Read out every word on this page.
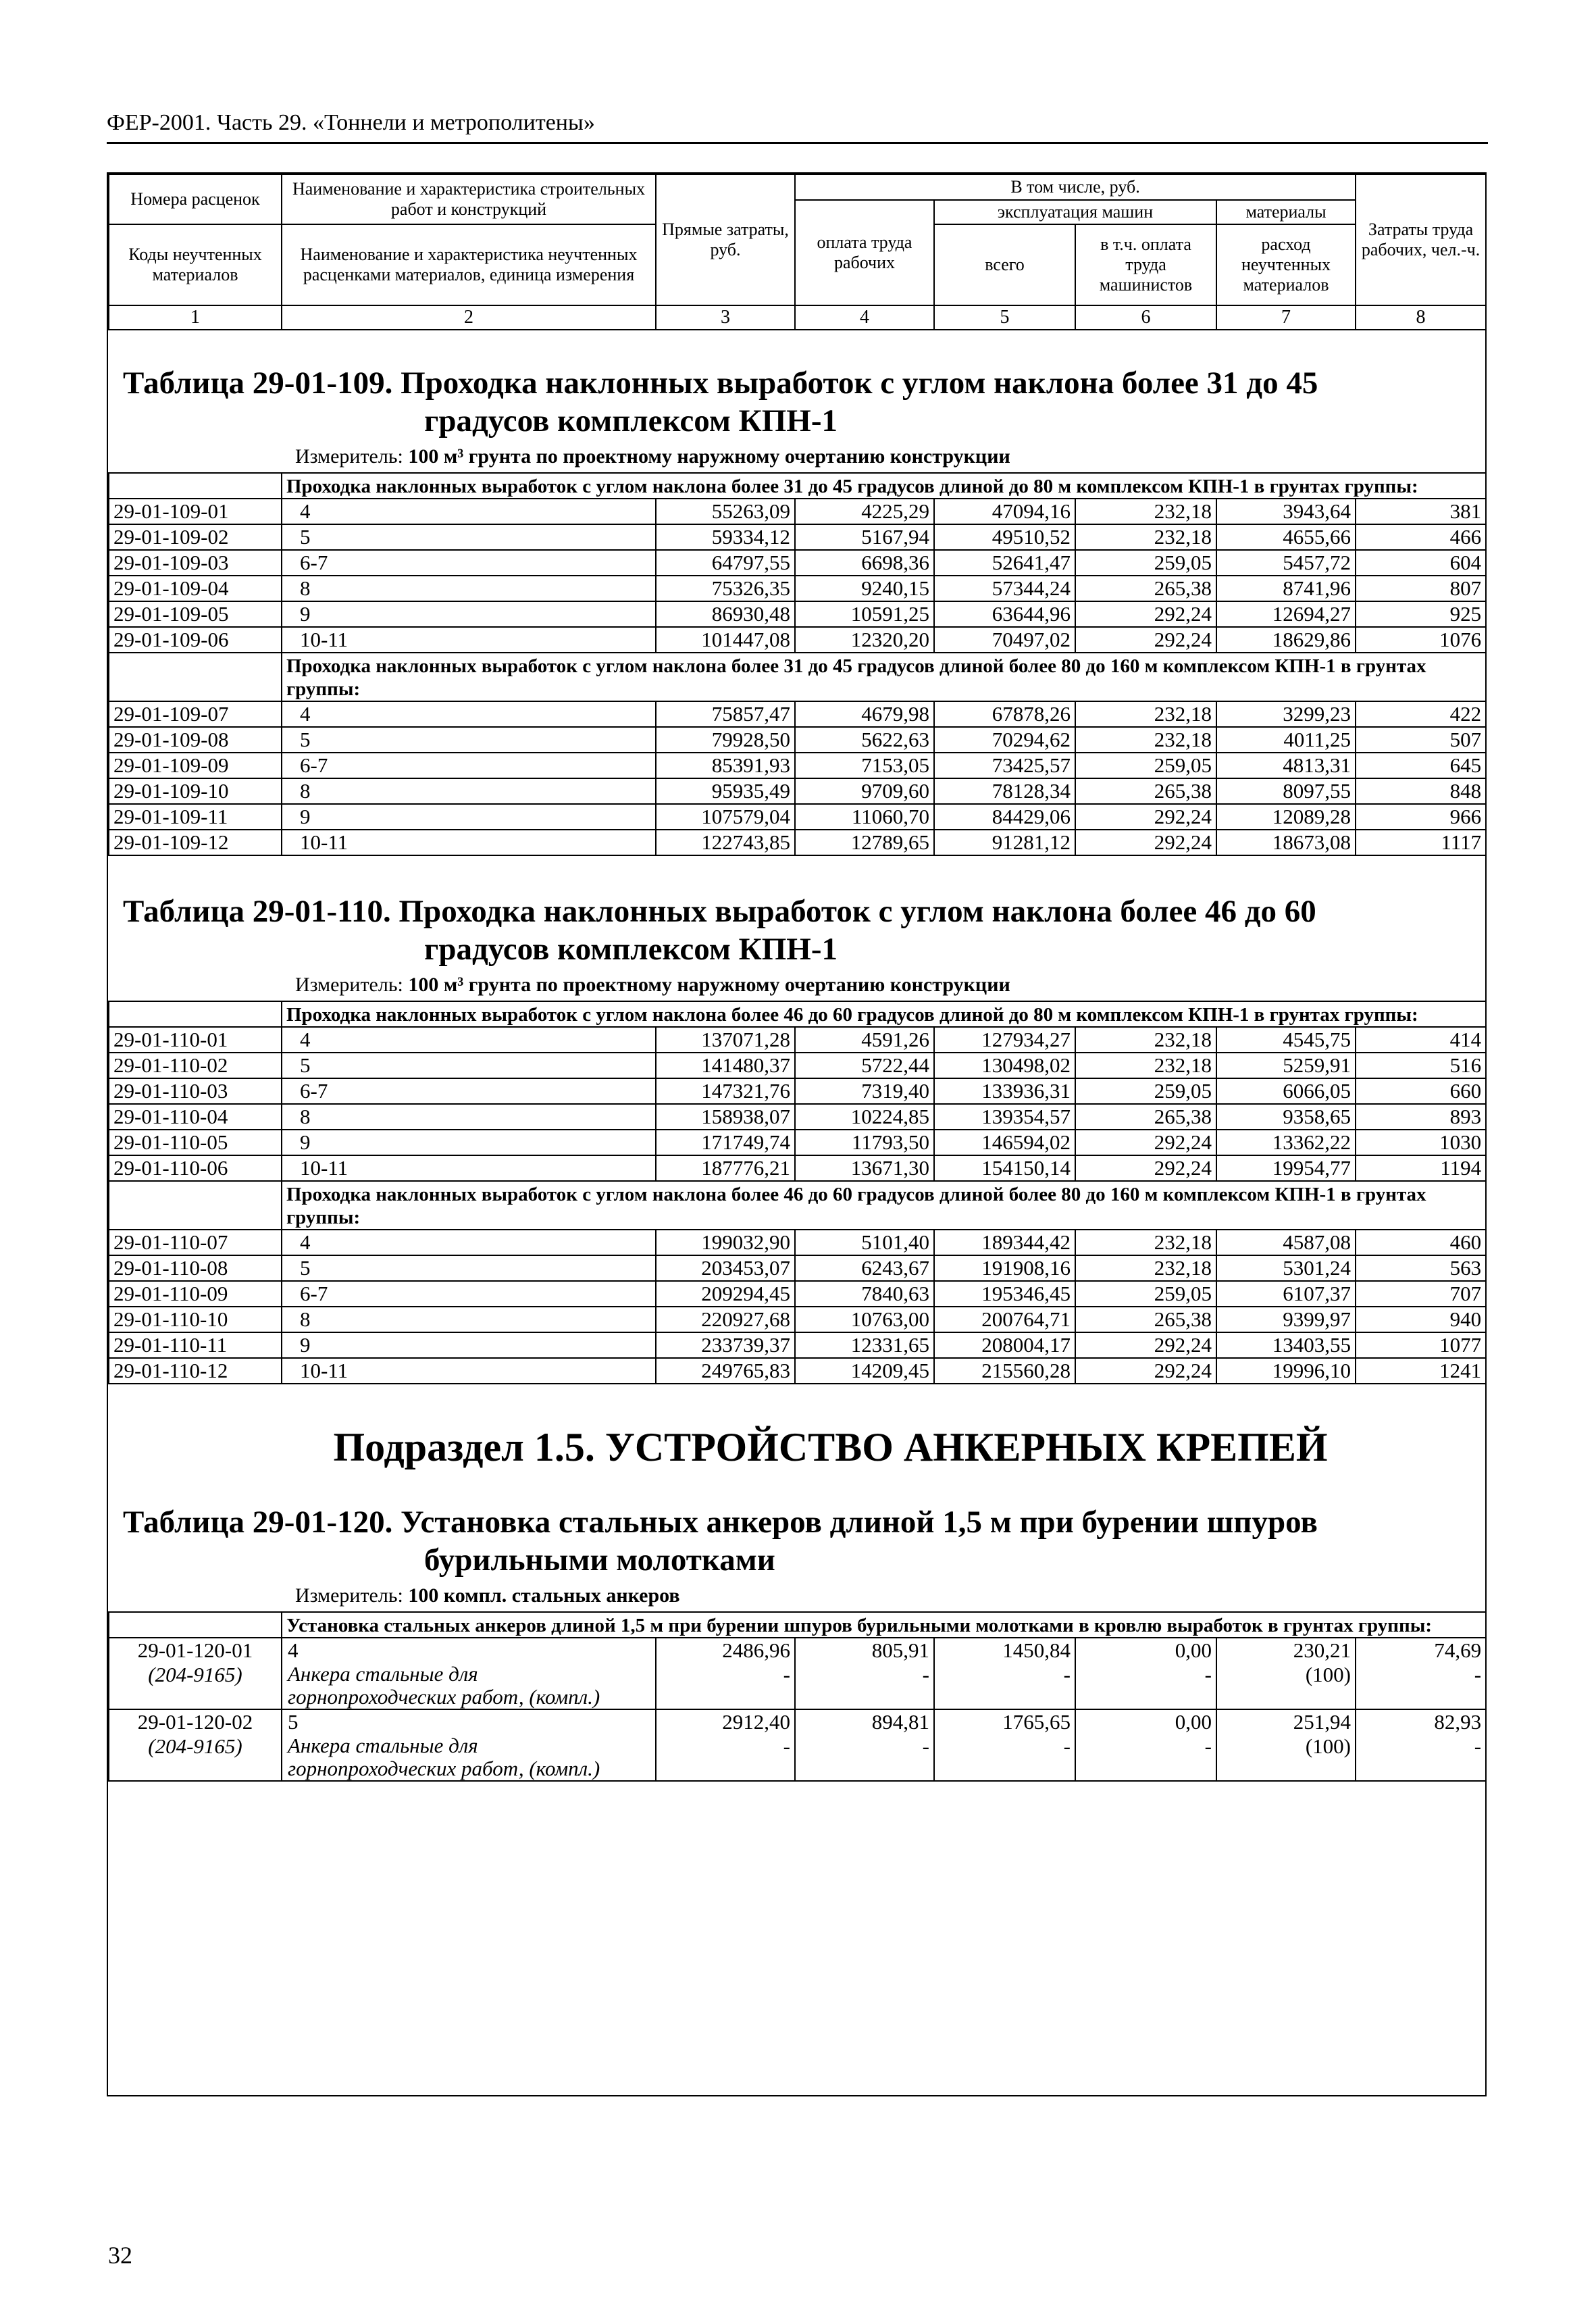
ФЕР-2001. Часть 29. «Тоннели и метрополитены»
Номера расценок	Наименование и характеристика строительных работ и конструкций	Прямые затраты, руб.	В том числе, руб.				Затраты труда рабочих, чел.-ч.
			оплата труда рабочих	эксплуатация машин		материалы	
Коды неучтенных материалов	Наименование и характеристика неучтенных расценками материалов, единица измерения			всего	в т.ч. оплата труда машинистов	расход неучтенных материалов	

1	2	3	4	5	6	7	8
Таблица 29-01-109. Проходка наклонных выработок с углом наклона более 31 до 45
градусов комплексом КПН-1
Измеритель: 100 м³ грунта по проектному наружному очертанию конструкции
	Проходка наклонных выработок с углом наклона более 31 до 45 градусов длиной до 80 м комплексом КПН-1 в грунтах группы:						
29-01-109-01	4	55263,09	4225,29	47094,16	232,18	3943,64	381
29-01-109-02	5	59334,12	5167,94	49510,52	232,18	4655,66	466
29-01-109-03	6-7	64797,55	6698,36	52641,47	259,05	5457,72	604
29-01-109-04	8	75326,35	9240,15	57344,24	265,38	8741,96	807
29-01-109-05	9	86930,48	10591,25	63644,96	292,24	12694,27	925
29-01-109-06	10-11	101447,08	12320,20	70497,02	292,24	18629,86	1076
	Проходка наклонных выработок с углом наклона более 31 до 45 градусов длиной более 80 до 160 м комплексом КПН-1 в грунтах группы:						
29-01-109-07	4	75857,47	4679,98	67878,26	232,18	3299,23	422
29-01-109-08	5	79928,50	5622,63	70294,62	232,18	4011,25	507
29-01-109-09	6-7	85391,93	7153,05	73425,57	259,05	4813,31	645
29-01-109-10	8	95935,49	9709,60	78128,34	265,38	8097,55	848
29-01-109-11	9	107579,04	11060,70	84429,06	292,24	12089,28	966
29-01-109-12	10-11	122743,85	12789,65	91281,12	292,24	18673,08	1117
Таблица 29-01-110. Проходка наклонных выработок с углом наклона более 46 до 60
градусов комплексом КПН-1
Измеритель: 100 м³ грунта по проектному наружному очертанию конструкции
	Проходка наклонных выработок с углом наклона более 46 до 60 градусов длиной до 80 м комплексом КПН-1 в грунтах группы:						
29-01-110-01	4	137071,28	4591,26	127934,27	232,18	4545,75	414
29-01-110-02	5	141480,37	5722,44	130498,02	232,18	5259,91	516
29-01-110-03	6-7	147321,76	7319,40	133936,31	259,05	6066,05	660
29-01-110-04	8	158938,07	10224,85	139354,57	265,38	9358,65	893
29-01-110-05	9	171749,74	11793,50	146594,02	292,24	13362,22	1030
29-01-110-06	10-11	187776,21	13671,30	154150,14	292,24	19954,77	1194
	Проходка наклонных выработок с углом наклона более 46 до 60 градусов длиной более 80 до 160 м комплексом КПН-1 в грунтах группы:						
29-01-110-07	4	199032,90	5101,40	189344,42	232,18	4587,08	460
29-01-110-08	5	203453,07	6243,67	191908,16	232,18	5301,24	563
29-01-110-09	6-7	209294,45	7840,63	195346,45	259,05	6107,37	707
29-01-110-10	8	220927,68	10763,00	200764,71	265,38	9399,97	940
29-01-110-11	9	233739,37	12331,65	208004,17	292,24	13403,55	1077
29-01-110-12	10-11	249765,83	14209,45	215560,28	292,24	19996,10	1241
Подраздел 1.5. УСТРОЙСТВО АНКЕРНЫХ КРЕПЕЙ
Таблица 29-01-120. Установка стальных анкеров длиной 1,5 м при бурении шпуров
бурильными молотками
Измеритель: 100 компл. стальных анкеров
	Установка стальных анкеров длиной 1,5 м при бурении шпуров бурильными молотками в кровлю выработок в грунтах группы:						
29-01-120-01	4	2486,96	805,91	1450,84	0,00	230,21	74,69
(204-9165)	Анкера стальные для горнопроходческих работ, (компл.)	-	-	-	-	(100)	-
29-01-120-02	5	2912,40	894,81	1765,65	0,00	251,94	82,93
(204-9165)	Анкера стальные для горнопроходческих работ, (компл.)	-	-	-	-	(100)	-
32
